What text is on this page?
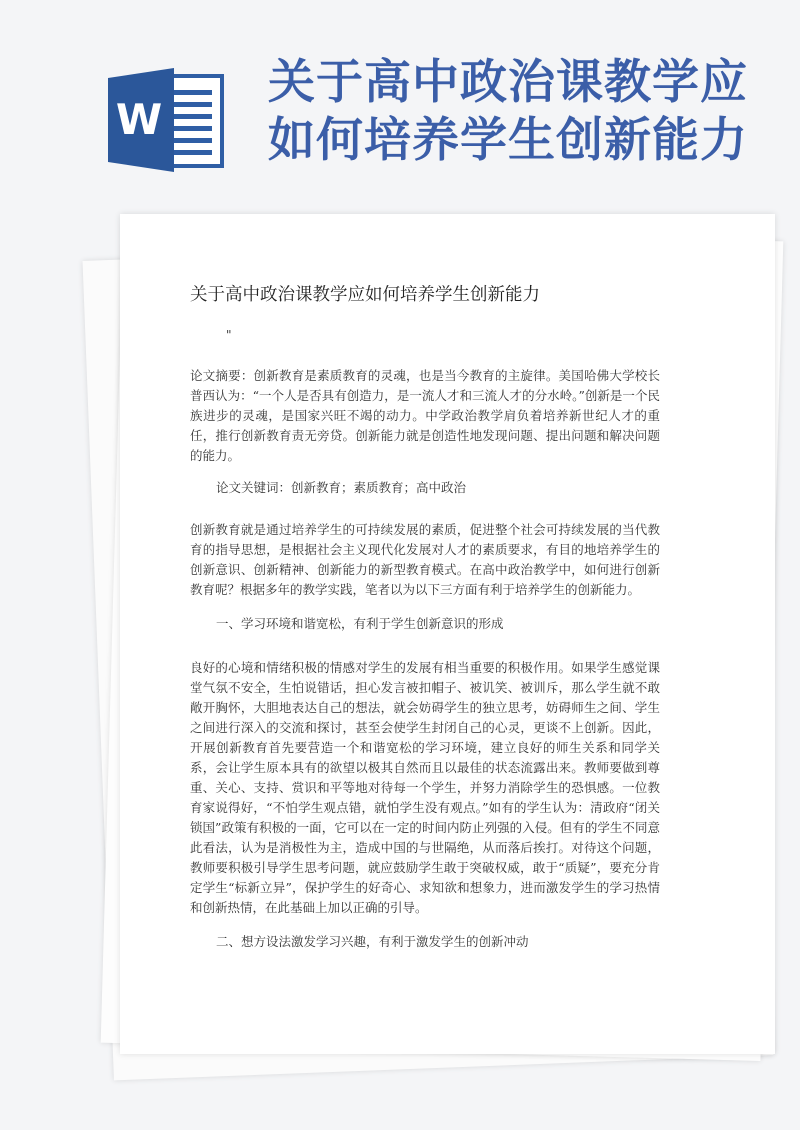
W
关于高中政治课教学应
如何培养学生创新能力
关于高中政治课教学应如何培养学生创新能力
"

论文摘要：创新教育是素质教育的灵魂，也是当今教育的主旋律。美国哈佛大学校长普西认为：“一个人是否具有创造力，是一流人才和三流人才的分水岭。”创新是一个民族进步的灵魂，是国家兴旺不竭的动力。中学政治教学肩负着培养新世纪人才的重任，推行创新教育责无旁贷。创新能力就是创造性地发现问题、提出问题和解决问题的能力。

论文关键词：创新教育；素质教育；高中政治

创新教育就是通过培养学生的可持续发展的素质，促进整个社会可持续发展的当代教育的指导思想，是根据社会主义现代化发展对人才的素质要求，有目的地培养学生的创新意识、创新精神、创新能力的新型教育模式。在高中政治教学中，如何进行创新教育呢？根据多年的教学实践，笔者以为以下三方面有利于培养学生的创新能力。

一、学习环境和谐宽松，有利于学生创新意识的形成

良好的心境和情绪积极的情感对学生的发展有相当重要的积极作用。如果学生感觉课堂气氛不安全，生怕说错话，担心发言被扣帽子、被讥笑、被训斥，那么学生就不敢敞开胸怀，大胆地表达自己的想法，就会妨碍学生的独立思考，妨碍师生之间、学生之间进行深入的交流和探讨，甚至会使学生封闭自己的心灵，更谈不上创新。因此，开展创新教育首先要营造一个和谐宽松的学习环境，建立良好的师生关系和同学关系，会让学生原本具有的欲望以极其自然而且以最佳的状态流露出来。教师要做到尊重、关心、支持、赏识和平等地对待每一个学生，并努力消除学生的恐惧感。一位教育家说得好，“不怕学生观点错，就怕学生没有观点。”如有的学生认为：清政府“闭关锁国”政策有积极的一面，它可以在一定的时间内防止列强的入侵。但有的学生不同意此看法，认为是消极性为主，造成中国的与世隔绝，从而落后挨打。对待这个问题，教师要积极引导学生思考问题，就应鼓励学生敢于突破权威，敢于“质疑”，要充分肯定学生“标新立异”，保护学生的好奇心、求知欲和想象力，进而激发学生的学习热情和创新热情，在此基础上加以正确的引导。

二、想方设法激发学习兴趣，有利于激发学生的创新冲动
